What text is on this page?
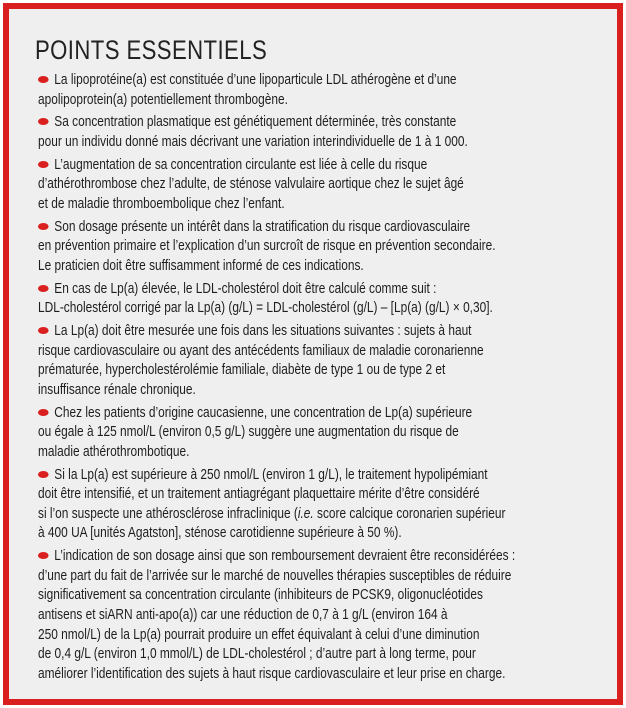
POINTS ESSENTIELS
La lipoprotéine(a) est constituée d’une lipoparticule LDL athérogène et d’une
apolipoprotein(a) potentiellement thrombogène.
Sa concentration plasmatique est génétiquement déterminée, très constante
pour un individu donné mais décrivant une variation interindividuelle de 1 à 1 000.
L’augmentation de sa concentration circulante est liée à celle du risque
d’athérothrombose chez l’adulte, de sténose valvulaire aortique chez le sujet âgé
et de maladie thromboembolique chez l’enfant.
Son dosage présente un intérêt dans la stratification du risque cardiovasculaire
en prévention primaire et l’explication d’un surcroît de risque en prévention secondaire.
Le praticien doit être suffisamment informé de ces indications.
En cas de Lp(a) élevée, le LDL-cholestérol doit être calculé comme suit :
LDL-cholestérol corrigé par la Lp(a) (g/L) = LDL-cholestérol (g/L) – [Lp(a) (g/L) × 0,30].
La Lp(a) doit être mesurée une fois dans les situations suivantes : sujets à haut
risque cardiovasculaire ou ayant des antécédents familiaux de maladie coronarienne
prématurée, hypercholestérolémie familiale, diabète de type 1 ou de type 2 et
insuffisance rénale chronique.
Chez les patients d’origine caucasienne, une concentration de Lp(a) supérieure
ou égale à 125 nmol/L (environ 0,5 g/L) suggère une augmentation du risque de
maladie athérothrombotique.
Si la Lp(a) est supérieure à 250 nmol/L (environ 1 g/L), le traitement hypolipémiant
doit être intensifié, et un traitement antiagrégant plaquettaire mérite d’être considéré
si l’on suspecte une athérosclérose infraclinique (i.e. score calcique coronarien supérieur
à 400 UA [unités Agatston], sténose carotidienne supérieure à 50 %).
L’indication de son dosage ainsi que son remboursement devraient être reconsidérées :
d’une part du fait de l’arrivée sur le marché de nouvelles thérapies susceptibles de réduire
significativement sa concentration circulante (inhibiteurs de PCSK9, oligonucléotides
antisens et siARN anti-apo(a)) car une réduction de 0,7 à 1 g/L (environ 164 à
250 nmol/L) de la Lp(a) pourrait produire un effet équivalant à celui d’une diminution
de 0,4 g/L (environ 1,0 mmol/L) de LDL-cholestérol ; d’autre part à long terme, pour
améliorer l’identification des sujets à haut risque cardiovasculaire et leur prise en charge.
